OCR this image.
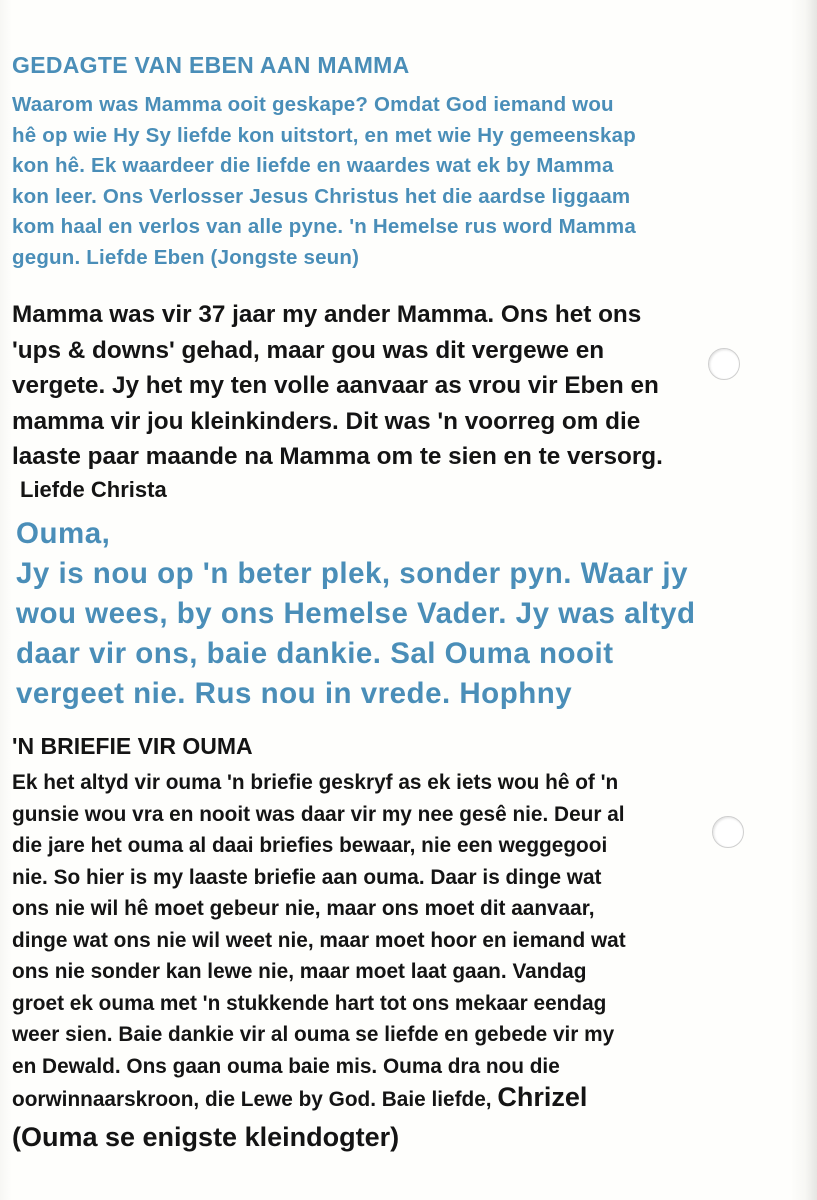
GEDAGTE VAN EBEN AAN MAMMA
Waarom was Mamma ooit geskape? Omdat God iemand wou
hê op wie Hy Sy liefde kon uitstort, en met wie Hy gemeenskap
kon hê. Ek waardeer die liefde en waardes wat ek by Mamma
kon leer. Ons Verlosser Jesus Christus het die aardse liggaam
kom haal en verlos van alle pyne. 'n Hemelse rus word Mamma
gegun. Liefde Eben (Jongste seun)
Mamma was vir 37 jaar my ander Mamma. Ons het ons
'ups & downs' gehad, maar gou was dit vergewe en
vergete. Jy het my ten volle aanvaar as vrou vir Eben en
mamma vir jou kleinkinders. Dit was 'n voorreg om die
laaste paar maande na Mamma om te sien en te versorg.
Liefde Christa
Ouma,
Jy is nou op 'n beter plek, sonder pyn. Waar jy
wou wees, by ons Hemelse Vader. Jy was altyd
daar vir ons, baie dankie. Sal Ouma nooit
vergeet nie. Rus nou in vrede. Hophny
'N BRIEFIE VIR OUMA
Ek het altyd vir ouma 'n briefie geskryf as ek iets wou hê of 'n
gunsie wou vra en nooit was daar vir my nee gesê nie. Deur al
die jare het ouma al daai briefies bewaar, nie een weggegooi
nie. So hier is my laaste briefie aan ouma. Daar is dinge wat
ons nie wil hê moet gebeur nie, maar ons moet dit aanvaar,
dinge wat ons nie wil weet nie, maar moet hoor en iemand wat
ons nie sonder kan lewe nie, maar moet laat gaan. Vandag
groet ek ouma met 'n stukkende hart tot ons mekaar eendag
weer sien. Baie dankie vir al ouma se liefde en gebede vir my
en Dewald. Ons gaan ouma baie mis. Ouma dra nou die
oorwinnaarskroon, die Lewe by God. Baie liefde, Chrizel
(Ouma se enigste kleindogter)
